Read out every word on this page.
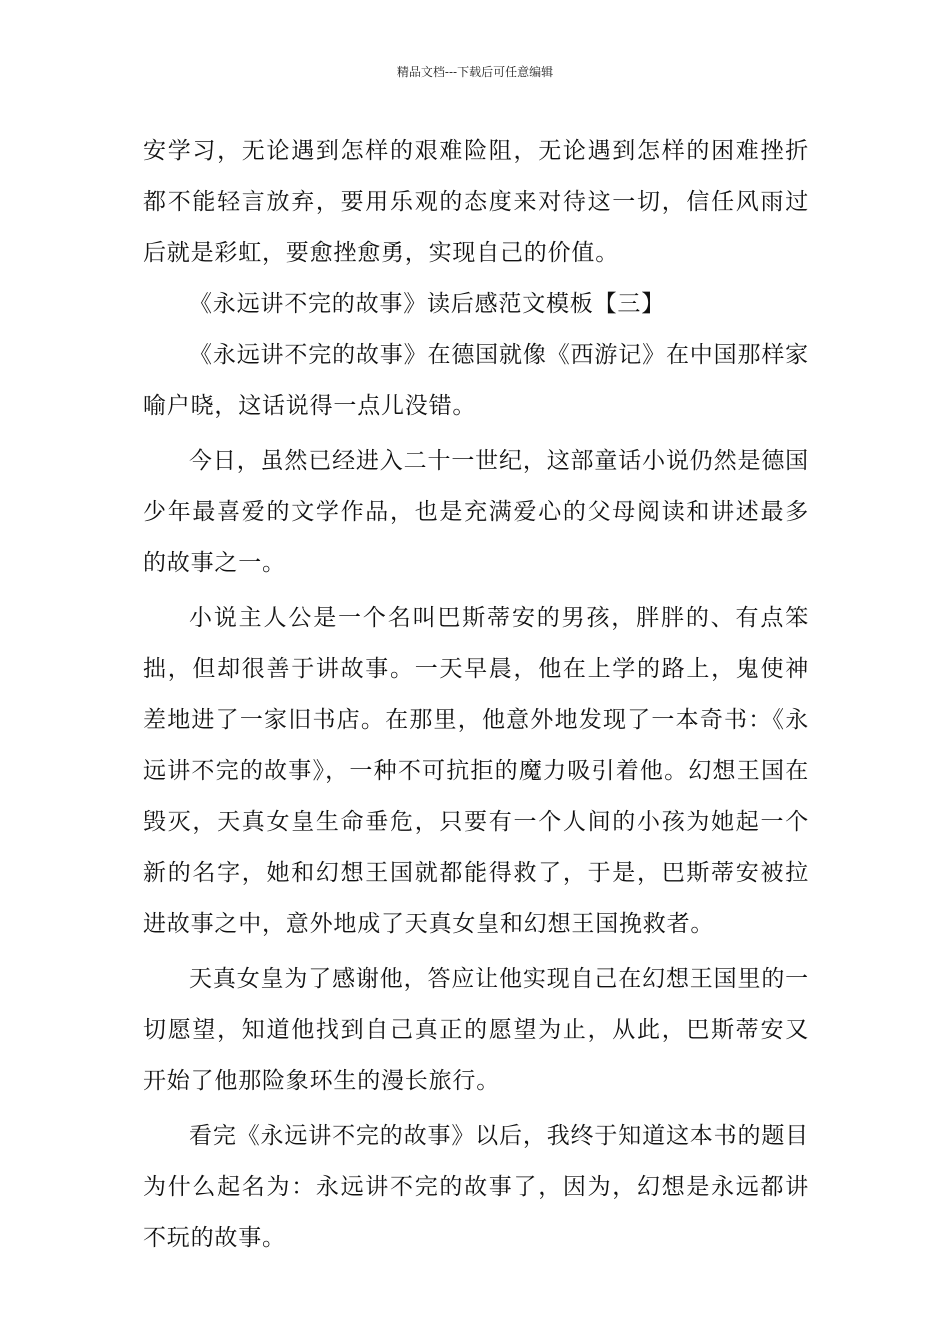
精品文档---下载后可任意编辑

安学习，无论遇到怎样的艰难险阻，无论遇到怎样的困难挫折都不能轻言放弃，要用乐观的态度来对待这一切，信任风雨过后就是彩虹，要愈挫愈勇，实现自己的价值。

《永远讲不完的故事》读后感范文模板【三】

《永远讲不完的故事》在德国就像《西游记》在中国那样家喻户晓，这话说得一点儿没错。

今日，虽然已经进入二十一世纪，这部童话小说仍然是德国少年最喜爱的文学作品，也是充满爱心的父母阅读和讲述最多的故事之一。

小说主人公是一个名叫巴斯蒂安的男孩，胖胖的、有点笨拙，但却很善于讲故事。一天早晨，他在上学的路上，鬼使神差地进了一家旧书店。在那里，他意外地发现了一本奇书：《永远讲不完的故事》，一种不可抗拒的魔力吸引着他。幻想王国在毁灭，天真女皇生命垂危，只要有一个人间的小孩为她起一个新的名字，她和幻想王国就都能得救了，于是，巴斯蒂安被拉进故事之中，意外地成了天真女皇和幻想王国挽救者。

天真女皇为了感谢他，答应让他实现自己在幻想王国里的一切愿望，知道他找到自己真正的愿望为止，从此，巴斯蒂安又开始了他那险象环生的漫长旅行。

看完《永远讲不完的故事》以后，我终于知道这本书的题目为什么起名为：永远讲不完的故事了，因为，幻想是永远都讲不玩的故事。
